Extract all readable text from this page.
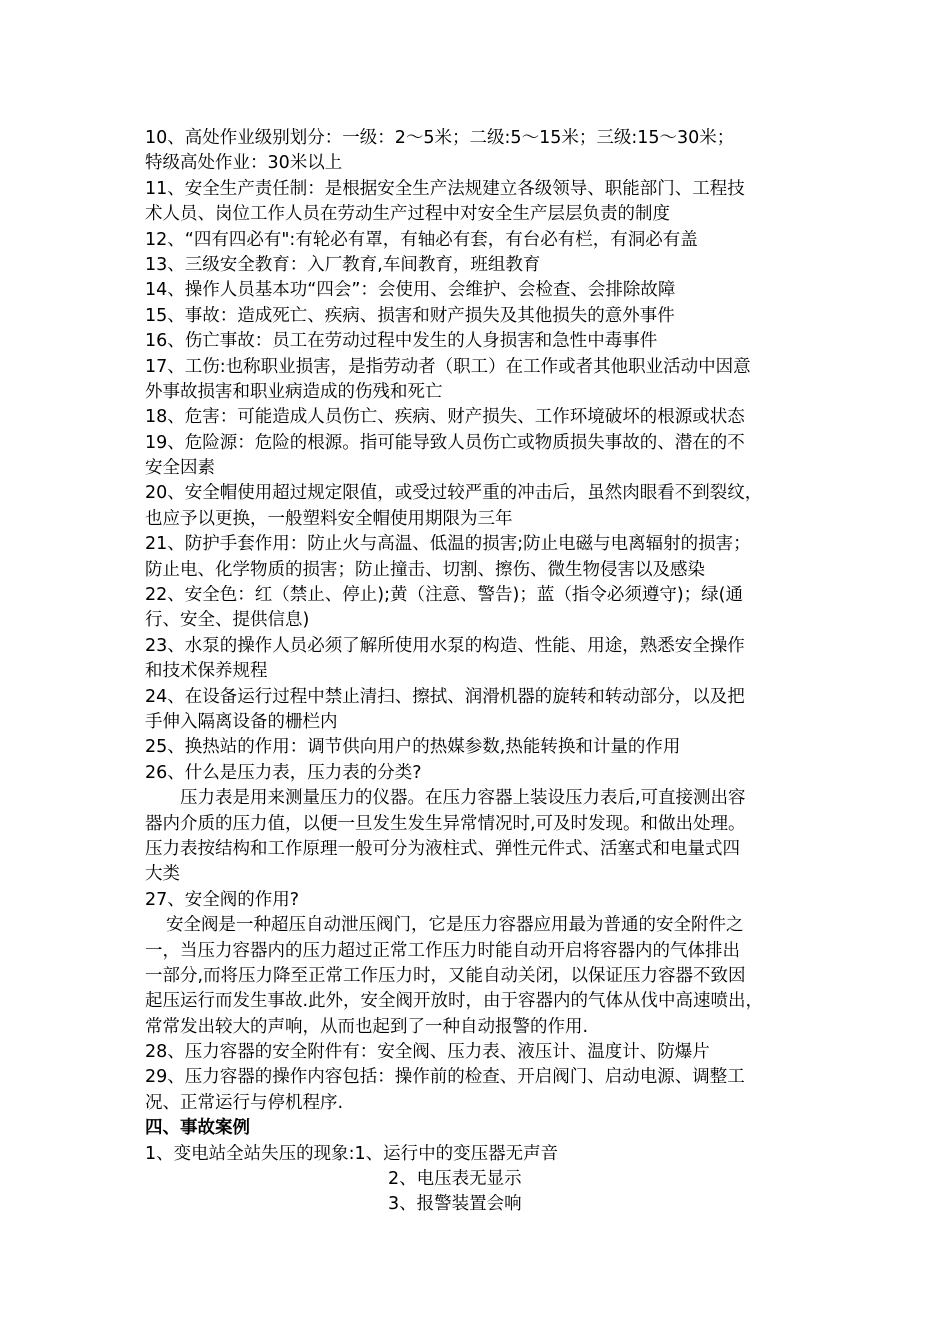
10、高处作业级别划分：一级：2～5米；二级:5～15米；三级:15～30米；
特级高处作业：30米以上
11、安全生产责任制：是根据安全生产法规建立各级领导、职能部门、工程技
术人员、岗位工作人员在劳动生产过程中对安全生产层层负责的制度
12、“四有四必有":有轮必有罩，有轴必有套，有台必有栏，有洞必有盖
13、三级安全教育：入厂教育,车间教育，班组教育
14、操作人员基本功“四会”：会使用、会维护、会检查、会排除故障
15、事故：造成死亡、疾病、损害和财产损失及其他损失的意外事件
16、伤亡事故：员工在劳动过程中发生的人身损害和急性中毒事件
17、工伤:也称职业损害，是指劳动者（职工）在工作或者其他职业活动中因意
外事故损害和职业病造成的伤残和死亡
18、危害：可能造成人员伤亡、疾病、财产损失、工作环境破坏的根源或状态
19、危险源：危险的根源。指可能导致人员伤亡或物质损失事故的、潜在的不
安全因素
20、安全帽使用超过规定限值，或受过较严重的冲击后，虽然肉眼看不到裂纹，
也应予以更换，一般塑料安全帽使用期限为三年
21、防护手套作用：防止火与高温、低温的损害;防止电磁与电离辐射的损害；
防止电、化学物质的损害；防止撞击、切割、擦伤、微生物侵害以及感染
22、安全色：红（禁止、停止);黄（注意、警告)；蓝（指令必须遵守)；绿(通
行、安全、提供信息)
23、水泵的操作人员必须了解所使用水泵的构造、性能、用途，熟悉安全操作
和技术保养规程
24、在设备运行过程中禁止清扫、擦拭、润滑机器的旋转和转动部分，以及把
手伸入隔离设备的栅栏内
25、换热站的作用：调节供向用户的热媒参数,热能转换和计量的作用
26、什么是压力表，压力表的分类?
压力表是用来测量压力的仪器。在压力容器上装设压力表后,可直接测出容
器内介质的压力值，以便一旦发生发生异常情况时,可及时发现。和做出处理。
压力表按结构和工作原理一般可分为液柱式、弹性元件式、活塞式和电量式四
大类
27、安全阀的作用?
安全阀是一种超压自动泄压阀门，它是压力容器应用最为普通的安全附件之
一，当压力容器内的压力超过正常工作压力时能自动开启将容器内的气体排出
一部分,而将压力降至正常工作压力时，又能自动关闭，以保证压力容器不致因
起压运行而发生事故.此外，安全阀开放时，由于容器内的气体从伐中高速喷出，
常常发出较大的声响，从而也起到了一种自动报警的作用.
28、压力容器的安全附件有：安全阀、压力表、液压计、温度计、防爆片
29、压力容器的操作内容包括：操作前的检查、开启阀门、启动电源、调整工
况、正常运行与停机程序.
四、事故案例
1、变电站全站失压的现象:1、运行中的变压器无声音
2、电压表无显示
3、报警装置会响
